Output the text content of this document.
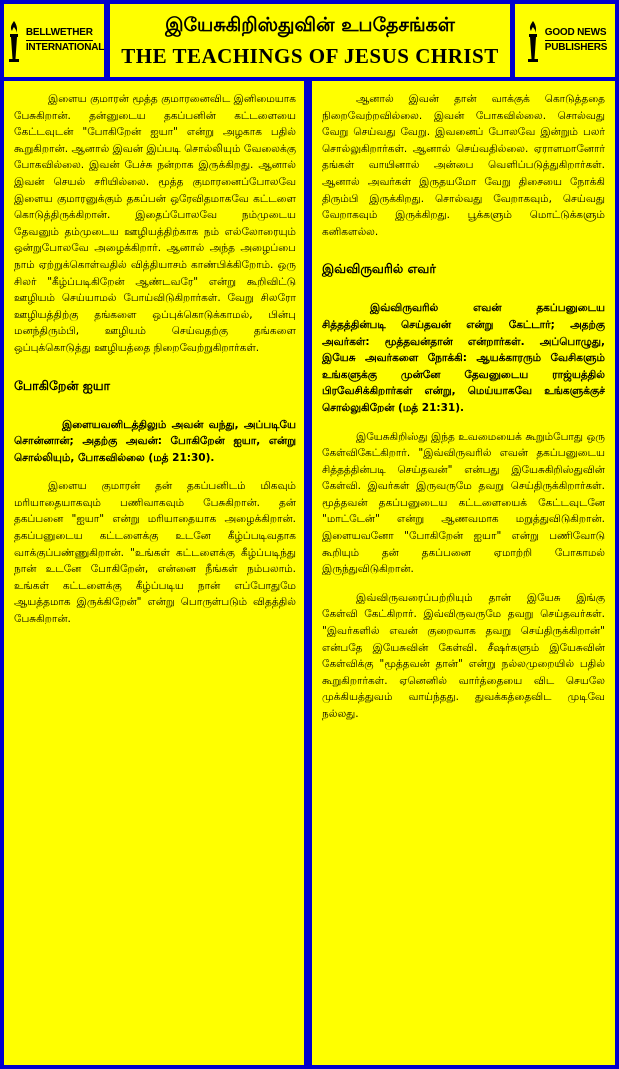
BELLWETHER
INTERNATIONAL
இயேசுகிறிஸ்துவின் உபதேசங்கள்
THE TEACHINGS OF JESUS CHRIST
GOOD NEWS
PUBLISHERS

இளைய குமாரன் மூத்த குமாரனைவிட இனிமையாக பேசுகிறான். தன்னுடைய தகப்பனின் கட்டளையை கேட்டவுடன் "போகிறேன் ஐயா" என்று அழகாக பதில் கூறுகிறான். ஆனால் இவன் இப்படி சொல்லியும் வேலைக்கு போகவில்லை. இவன் பேச்சு நன்றாக இருக்கிறது. ஆனால் இவன் செயல் சரியில்லை. மூத்த குமாரனைப்போலவே இளைய குமாரனுக்கும் தகப்பன் ஒரேவிதமாகவே கட்டளை கொடுத்திருக்கிறான். இதைப்போலவே நம்முடைய தேவனும் தம்முடைய ஊழியத்திற்காக நம் எல்லோரையும் ஒன்றுபோலவே அழைக்கிறார். ஆனால் அந்த அழைப்பை நாம் ஏற்றுக்கொள்வதில் வித்தியாசம் காண்பிக்கிறோம். ஒரு சிலர் "கீழ்ப்படிகிறேன் ஆண்டவரே" என்று கூறிவிட்டு ஊழியம் செய்யாமல் போய்விடுகிறார்கள். வேறு சிலரோ ஊழியத்திற்கு தங்களை ஒப்புக்கொடுக்காமல், பின்பு மனந்திரும்பி, ஊழியம் செய்வதற்கு தங்களை ஒப்புக்கொடுத்து ஊழியத்தை நிறைவேற்றுகிறார்கள்.

போகிறேன் ஐயா

இளையவனிடத்திலும் அவன் வந்து, அப்படியே சொன்னான்; அதற்கு அவன்: போகிறேன் ஐயா, என்று சொல்லியும், போகவில்லை (மத் 21:30).

இளைய குமாரன் தன் தகப்பனிடம் மிகவும் மரியாதையாகவும் பணிவாகவும் பேசுகிறான். தன் தகப்பனை "ஐயா" என்று மரியாதையாக அழைக்கிறான். தகப்பனுடைய கட்டளைக்கு உடனே கீழ்ப்படிவதாக வாக்குப்பண்ணுகிறான். "உங்கள் கட்டளைக்கு கீழ்ப்படிந்து நான் உடனே போகிறேன், என்னை நீங்கள் நம்பலாம். உங்கள் கட்டளைக்கு கீழ்ப்படிய நான் எப்போதுமே ஆயத்தமாக இருக்கிறேன்" என்று பொருள்படும் விதத்தில் பேசுகிறான்.

ஆனால் இவன் தான் வாக்குக் கொடுத்ததை நிறைவேற்றவில்லை. இவன் போகவில்லை. சொல்வது வேறு செய்வது வேறு. இவனைப் போலவே இன்றும் பலர் சொல்லுகிறார்கள். ஆனால் செய்வதில்லை. ஏராளமானோர் தங்கள் வாயினால் அன்பை வெளிப்படுத்துகிறார்கள். ஆனால் அவர்கள் இருதயமோ வேறு திசையை நோக்கி திரும்பி இருக்கிறது. சொல்வது வேறாகவும், செய்வது வேறாகவும் இருக்கிறது. பூக்களும் மொட்டுக்களும் கனிகளல்ல.

இவ்விருவரில் எவர்

இவ்விருவரில் எவன் தகப்பனுடைய சித்தத்தின்படி செய்தவன் என்று கேட்டார்; அதற்கு அவர்கள்: மூத்தவன்தான் என்றார்கள். அப்பொழுது, இயேசு அவர்களை நோக்கி: ஆயக்காரரும் வேசிகளும் உங்களுக்கு முன்னே தேவனுடைய ராஜ்யத்தில் பிரவேசிக்கிறார்கள் என்று, மெய்யாகவே உங்களுக்குச் சொல்லுகிறேன் (மத் 21:31).

இயேசுகிறிஸ்து இந்த உவமையைக் கூறும்போது ஒரு கேள்விகேட்கிறார். "இவ்விருவரில் எவன் தகப்பனுடைய சித்தத்தின்படி செய்தவன்" என்பது இயேசுகிறிஸ்துவின் கேள்வி. இவர்கள் இருவருமே தவறு செய்திருக்கிறார்கள். மூத்தவன் தகப்பனுடைய கட்டளையைக் கேட்டவுடனே "மாட்டேன்" என்று ஆணவமாக மறுத்துவிடுகிறான். இளையவனோ "போகிறேன் ஐயா" என்று பணிவோடு கூறியும் தன் தகப்பனை ஏமாற்றி போகாமல் இருந்துவிடுகிறான்.

இவ்விருவரைப்பற்றியும் தான் இயேசு இங்கு கேள்வி கேட்கிறார். இவ்விருவருமே தவறு செய்தவர்கள். "இவர்களில் எவன் குறைவாக தவறு செய்திருக்கிறான்" என்பதே இயேசுவின் கேள்வி. சீஷர்களும் இயேசுவின் கேள்விக்கு "மூத்தவன் தான்" என்று நல்லமுறையில் பதில் கூறுகிறார்கள். ஏனெனில் வார்த்தையை விட செயலே முக்கியத்துவம் வாய்ந்தது. துவக்கத்தைவிட முடிவே நல்லது.
